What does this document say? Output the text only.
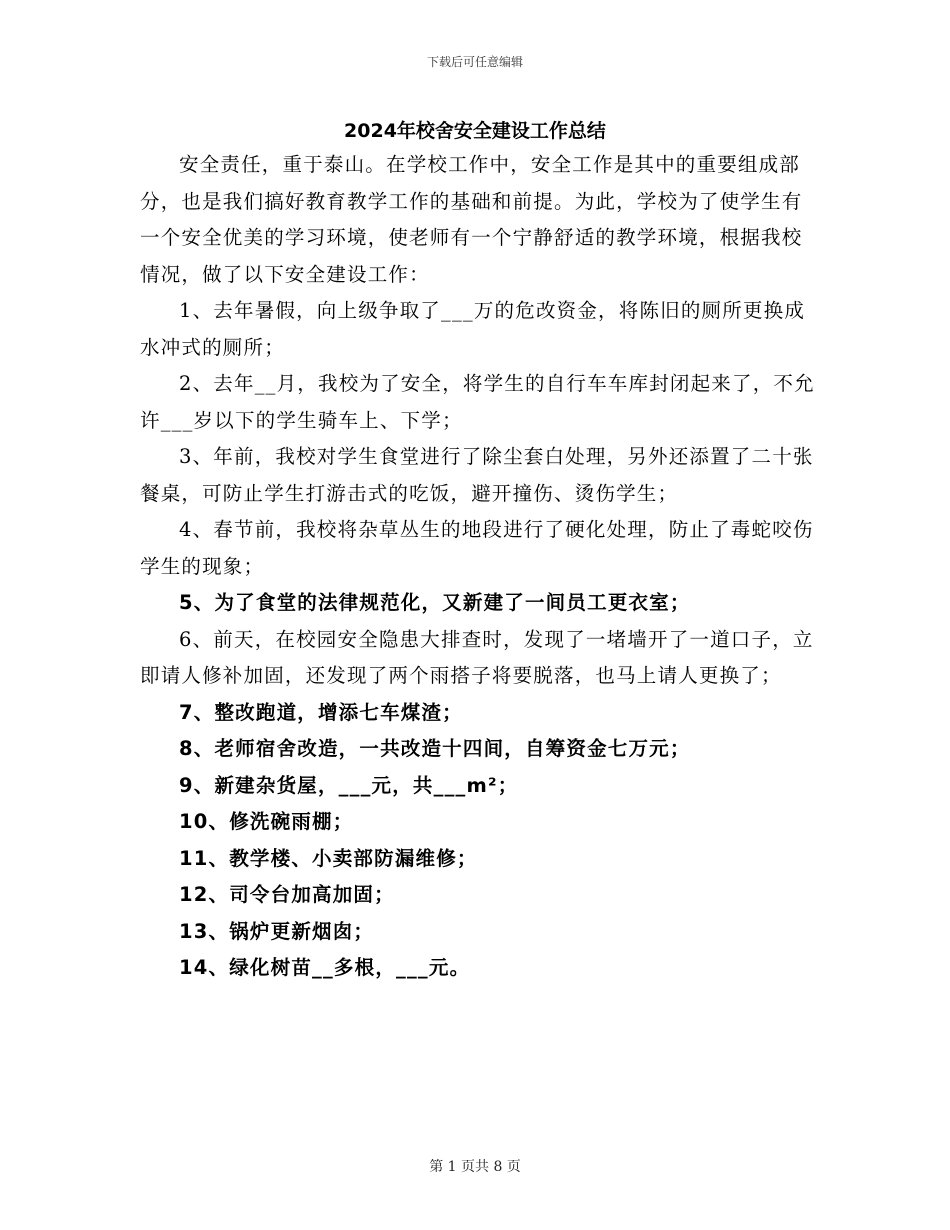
下载后可任意编辑
2024年校舍安全建设工作总结

安全责任，重于泰山。在学校工作中，安全工作是其中的重要组成部分，也是我们搞好教育教学工作的基础和前提。为此，学校为了使学生有一个安全优美的学习环境，使老师有一个宁静舒适的教学环境，根据我校情况，做了以下安全建设工作：

1、去年暑假，向上级争取了___万的危改资金，将陈旧的厕所更换成水冲式的厕所；

2、去年__月，我校为了安全，将学生的自行车车库封闭起来了，不允许___岁以下的学生骑车上、下学；

3、年前，我校对学生食堂进行了除尘套白处理，另外还添置了二十张餐桌，可防止学生打游击式的吃饭，避开撞伤、烫伤学生；

4、春节前，我校将杂草丛生的地段进行了硬化处理，防止了毒蛇咬伤学生的现象；

5、为了食堂的法律规范化，又新建了一间员工更衣室；

6、前天，在校园安全隐患大排查时，发现了一堵墙开了一道口子，立即请人修补加固，还发现了两个雨搭子将要脱落，也马上请人更换了；

7、整改跑道，增添七车煤渣；

8、老师宿舍改造，一共改造十四间，自筹资金七万元；

9、新建杂货屋，___元，共___m²；

10、修洗碗雨棚；

11、教学楼、小卖部防漏维修；

12、司令台加高加固；

13、锅炉更新烟囱；

14、绿化树苗__多根，___元。

第 1 页共 8 页
